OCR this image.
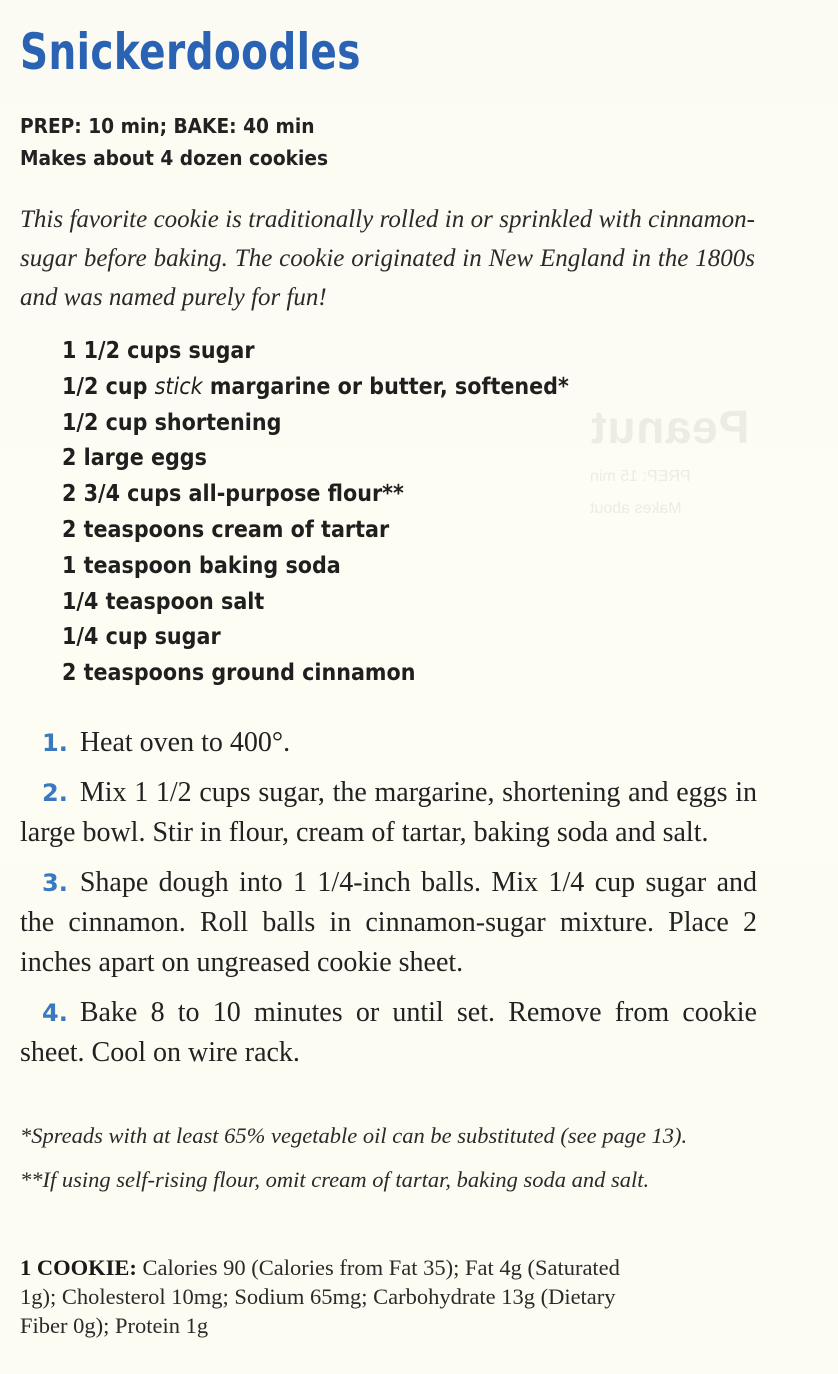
Peanut
PREP: 15 min
Makes about
Snickerdoodles
PREP: 10 min; BAKE: 40 min
Makes about 4 dozen cookies

This favorite cookie is traditionally rolled in or sprinkled with cinnamon-sugar before baking. The cookie originated in New England in the 1800s and was named purely for fun!

1 1/2 cups sugar
1/2 cup stick margarine or butter, softened*
1/2 cup shortening
2 large eggs
2 3/4 cups all-purpose flour**
2 teaspoons cream of tartar
1 teaspoon baking soda
1/4 teaspoon salt
1/4 cup sugar
2 teaspoons ground cinnamon

1. Heat oven to 400°.

2. Mix 1 1/2 cups sugar, the margarine, shortening and eggs in large bowl. Stir in flour, cream of tartar, baking soda and salt.

3. Shape dough into 1 1/4-inch balls. Mix 1/4 cup sugar and the cinnamon. Roll balls in cinnamon-sugar mixture. Place 2 inches apart on ungreased cookie sheet.

4. Bake 8 to 10 minutes or until set. Remove from cookie sheet. Cool on wire rack.

*Spreads with at least 65% vegetable oil can be substituted (see page 13).

**If using self-rising flour, omit cream of tartar, baking soda and salt.

1 COOKIE: Calories 90 (Calories from Fat 35); Fat 4g (Saturated 1g); Cholesterol 10mg; Sodium 65mg; Carbohydrate 13g (Dietary Fiber 0g); Protein 1g
